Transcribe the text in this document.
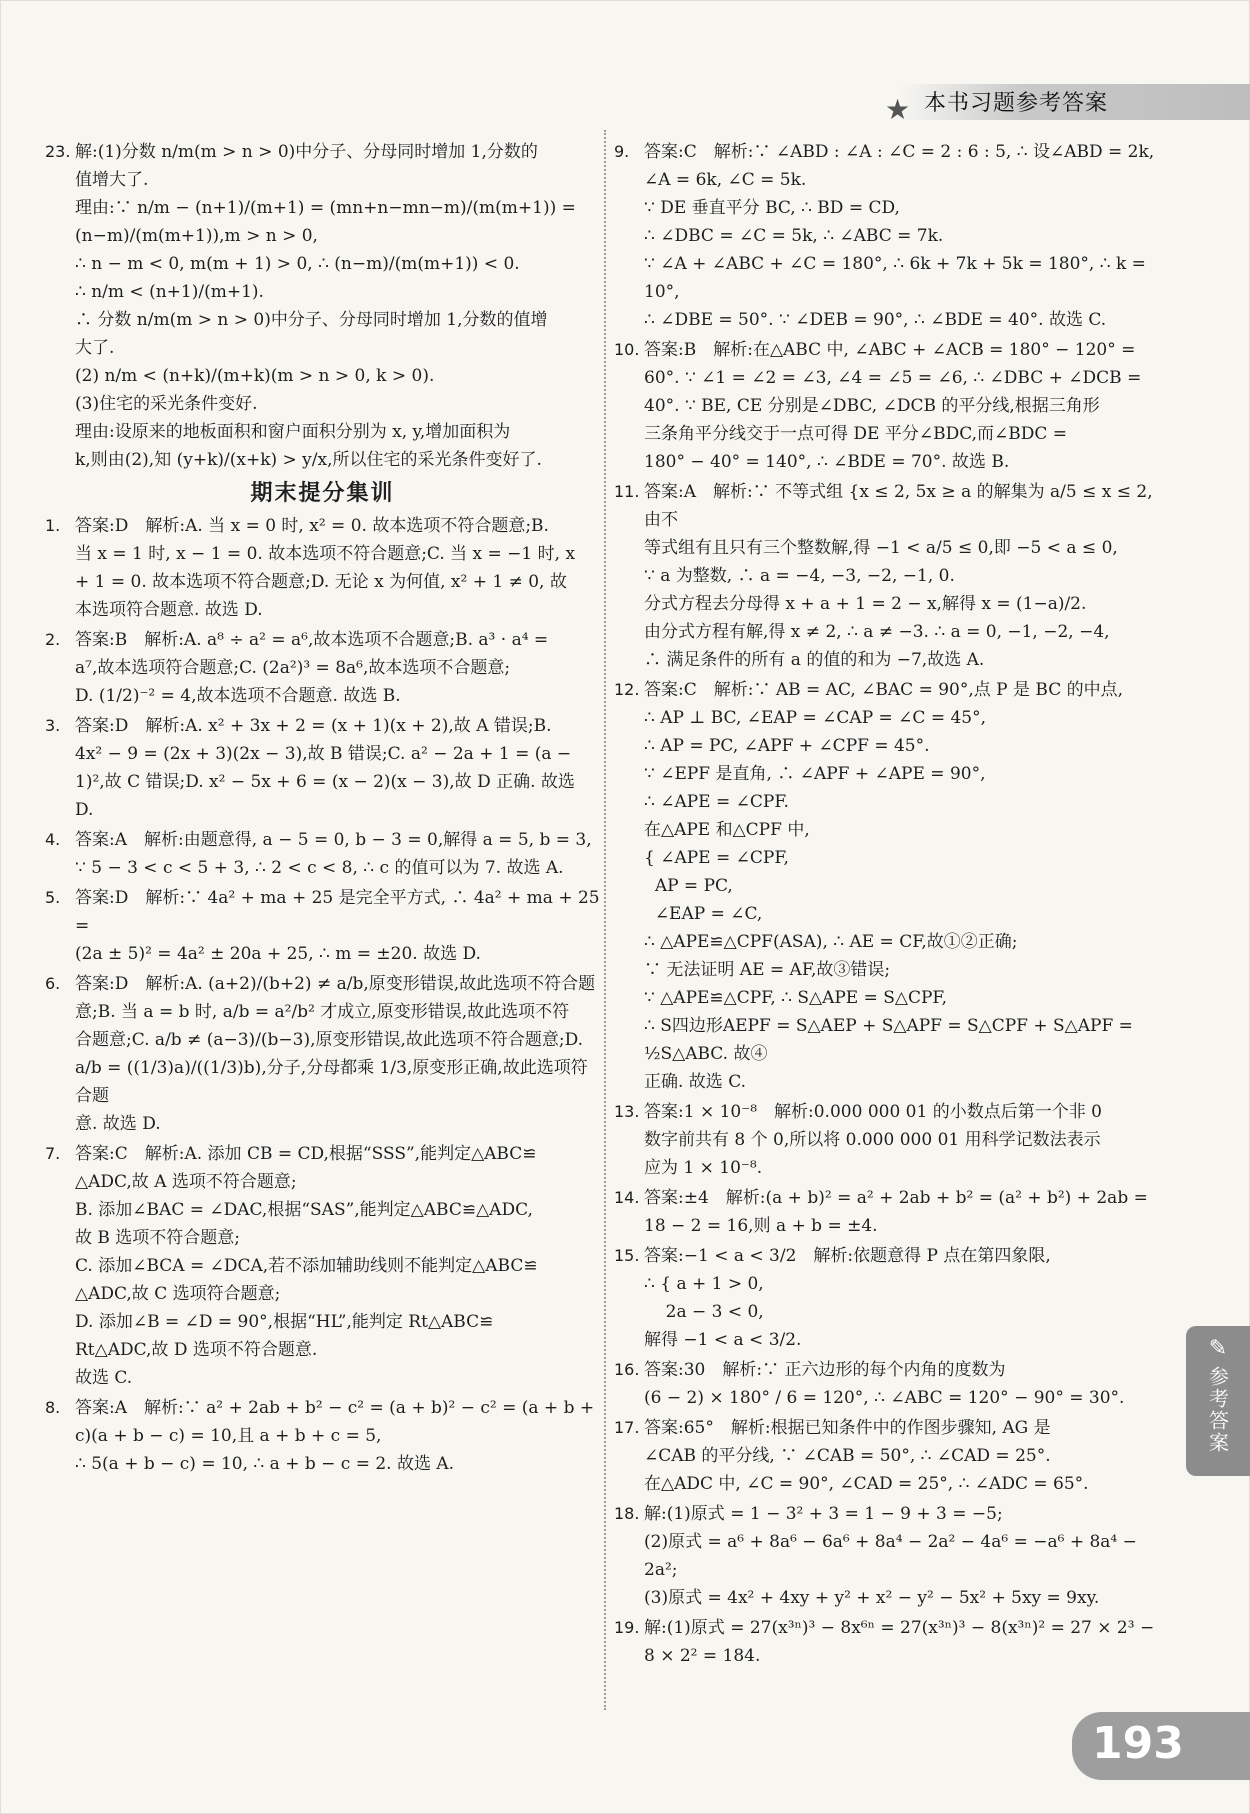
★ 本书习题参考答案
23. 解:(1)分数 n/m(m > n > 0)中分子、分母同时增加 1,分数的
值增大了.
理由:∵ n/m − (n+1)/(m+1) = (mn+n−mn−m)/(m(m+1)) = (n−m)/(m(m+1)),m > n > 0,
∴ n − m < 0, m(m + 1) > 0, ∴ (n−m)/(m(m+1)) < 0.
∴ n/m < (n+1)/(m+1).
∴ 分数 n/m(m > n > 0)中分子、分母同时增加 1,分数的值增
大了.
(2) n/m < (n+k)/(m+k)(m > n > 0, k > 0).
(3)住宅的采光条件变好.
理由:设原来的地板面积和窗户面积分别为 x, y,增加面积为
k,则由(2),知 (y+k)/(x+k) > y/x,所以住宅的采光条件变好了.
期末提分集训
1. 答案:D　解析:A. 当 x = 0 时, x² = 0. 故本选项不符合题意;B.
当 x = 1 时, x − 1 = 0. 故本选项不符合题意;C. 当 x = −1 时, x
+ 1 = 0. 故本选项不符合题意;D. 无论 x 为何值, x² + 1 ≠ 0, 故
本选项符合题意. 故选 D.
2. 答案:B　解析:A. a⁸ ÷ a² = a⁶,故本选项不合题意;B. a³ · a⁴ =
a⁷,故本选项符合题意;C. (2a²)³ = 8a⁶,故本选项不合题意;
D. (1/2)⁻² = 4,故本选项不合题意. 故选 B.
3. 答案:D　解析:A. x² + 3x + 2 = (x + 1)(x + 2),故 A 错误;B.
4x² − 9 = (2x + 3)(2x − 3),故 B 错误;C. a² − 2a + 1 = (a −
1)²,故 C 错误;D. x² − 5x + 6 = (x − 2)(x − 3),故 D 正确. 故选
D.
4. 答案:A　解析:由题意得, a − 5 = 0, b − 3 = 0,解得 a = 5, b = 3,
∵ 5 − 3 < c < 5 + 3, ∴ 2 < c < 8, ∴ c 的值可以为 7. 故选 A.
5. 答案:D　解析:∵ 4a² + ma + 25 是完全平方式, ∴ 4a² + ma + 25 =
(2a ± 5)² = 4a² ± 20a + 25, ∴ m = ±20. 故选 D.
6. 答案:D　解析:A. (a+2)/(b+2) ≠ a/b,原变形错误,故此选项不符合题
意;B. 当 a = b 时, a/b = a²/b² 才成立,原变形错误,故此选项不符
合题意;C. a/b ≠ (a−3)/(b−3),原变形错误,故此选项不符合题意;D.
a/b = ((1/3)a)/((1/3)b),分子,分母都乘 1/3,原变形正确,故此选项符合题
意. 故选 D.
7. 答案:C　解析:A. 添加 CB = CD,根据“SSS”,能判定△ABC≌
△ADC,故 A 选项不符合题意;
B. 添加∠BAC = ∠DAC,根据“SAS”,能判定△ABC≌△ADC,
故 B 选项不符合题意;
C. 添加∠BCA = ∠DCA,若不添加辅助线则不能判定△ABC≌
△ADC,故 C 选项符合题意;
D. 添加∠B = ∠D = 90°,根据“HL”,能判定 Rt△ABC≌
Rt△ADC,故 D 选项不符合题意.
故选 C.
8. 答案:A　解析:∵ a² + 2ab + b² − c² = (a + b)² − c² = (a + b +
c)(a + b − c) = 10,且 a + b + c = 5,
∴ 5(a + b − c) = 10, ∴ a + b − c = 2. 故选 A.
9. 答案:C　解析:∵ ∠ABD : ∠A : ∠C = 2 : 6 : 5, ∴ 设∠ABD = 2k,
∠A = 6k, ∠C = 5k.
∵ DE 垂直平分 BC, ∴ BD = CD,
∴ ∠DBC = ∠C = 5k, ∴ ∠ABC = 7k.
∵ ∠A + ∠ABC + ∠C = 180°, ∴ 6k + 7k + 5k = 180°, ∴ k = 10°,
∴ ∠DBE = 50°. ∵ ∠DEB = 90°, ∴ ∠BDE = 40°. 故选 C.
10. 答案:B　解析:在△ABC 中, ∠ABC + ∠ACB = 180° − 120° =
60°. ∵ ∠1 = ∠2 = ∠3, ∠4 = ∠5 = ∠6, ∴ ∠DBC + ∠DCB =
40°. ∵ BE, CE 分别是∠DBC, ∠DCB 的平分线,根据三角形
三条角平分线交于一点可得 DE 平分∠BDC,而∠BDC =
180° − 40° = 140°, ∴ ∠BDE = 70°. 故选 B.
11. 答案:A　解析:∵ 不等式组 {x ≤ 2, 5x ≥ a 的解集为 a/5 ≤ x ≤ 2,由不
等式组有且只有三个整数解,得 −1 < a/5 ≤ 0,即 −5 < a ≤ 0,
∵ a 为整数, ∴ a = −4, −3, −2, −1, 0.
分式方程去分母得 x + a + 1 = 2 − x,解得 x = (1−a)/2.
由分式方程有解,得 x ≠ 2, ∴ a ≠ −3. ∴ a = 0, −1, −2, −4,
∴ 满足条件的所有 a 的值的和为 −7,故选 A.
12. 答案:C　解析:∵ AB = AC, ∠BAC = 90°,点 P 是 BC 的中点,
∴ AP ⊥ BC, ∠EAP = ∠CAP = ∠C = 45°,
∴ AP = PC, ∠APF + ∠CPF = 45°.
∵ ∠EPF 是直角, ∴ ∠APF + ∠APE = 90°,
∴ ∠APE = ∠CPF.
在△APE 和△CPF 中,
{ ∠APE = ∠CPF,
AP = PC,
∠EAP = ∠C,
∴ △APE≌△CPF(ASA), ∴ AE = CF,故①②正确;
∵ 无法证明 AE = AF,故③错误;
∵ △APE≌△CPF, ∴ S△APE = S△CPF,
∴ S四边形AEPF = S△AEP + S△APF = S△CPF + S△APF = ½S△ABC. 故④
正确. 故选 C.
13. 答案:1 × 10⁻⁸　解析:0.000 000 01 的小数点后第一个非 0
数字前共有 8 个 0,所以将 0.000 000 01 用科学记数法表示
应为 1 × 10⁻⁸.
14. 答案:±4　解析:(a + b)² = a² + 2ab + b² = (a² + b²) + 2ab =
18 − 2 = 16,则 a + b = ±4.
15. 答案:−1 < a < 3/2　解析:依题意得 P 点在第四象限,
∴ { a + 1 > 0,
2a − 3 < 0,
解得 −1 < a < 3/2.
16. 答案:30　解析:∵ 正六边形的每个内角的度数为
(6 − 2) × 180° / 6 = 120°, ∴ ∠ABC = 120° − 90° = 30°.
17. 答案:65°　解析:根据已知条件中的作图步骤知, AG 是
∠CAB 的平分线, ∵ ∠CAB = 50°, ∴ ∠CAD = 25°.
在△ADC 中, ∠C = 90°, ∠CAD = 25°, ∴ ∠ADC = 65°.
18. 解:(1)原式 = 1 − 3² + 3 = 1 − 9 + 3 = −5;
(2)原式 = a⁶ + 8a⁶ − 6a⁶ + 8a⁴ − 2a² − 4a⁶ = −a⁶ + 8a⁴ − 2a²;
(3)原式 = 4x² + 4xy + y² + x² − y² − 5x² + 5xy = 9xy.
19. 解:(1)原式 = 27(x³ⁿ)³ − 8x⁶ⁿ = 27(x³ⁿ)³ − 8(x³ⁿ)² = 27 × 2³ −
8 × 2² = 184.
✎
参考答案
193
